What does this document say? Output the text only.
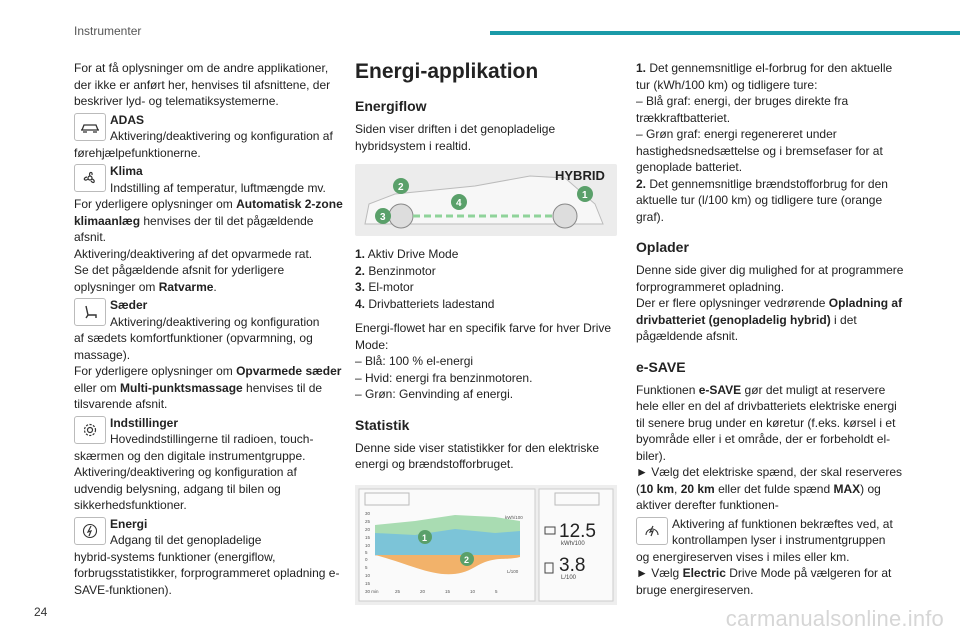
Instrumenter

For at få oplysninger om de andre applikationer, der ikke er anført her, henvises til afsnittene, der beskriver lyd- og telematiksystemerne.

ADAS
Aktivering/deaktivering og konfiguration af

førehjælpefunktionerne.

Klima
Indstilling af temperatur, luftmængde mv.

For yderligere oplysninger om Automatisk 2-zone klimaanlæg henvises der til det pågældende afsnit.

Aktivering/deaktivering af det opvarmede rat.

Se det pågældende afsnit for yderligere oplysninger om Ratvarme.

Sæder
Aktivering/deaktivering og konfiguration

af sædets komfortfunktioner (opvarmning, og massage).

For yderligere oplysninger om Opvarmede sæder eller om Multi-punktsmassage henvises til de tilsvarende afsnit.

Indstillinger
Hovedindstillingerne til radioen, touch-

skærmen og den digitale instrumentgruppe.

Aktivering/deaktivering og konfiguration af udvendig belysning, adgang til bilen og sikkerhedsfunktioner.

Energi
Adgang til det genopladelige

hybrid-systems funktioner (energiflow, forbrugsstatistikker, forprogrammeret opladning e-SAVE-funktionen).

Energi-applikation
Energiflow

Siden viser driften i det genopladelige hybridsystem i realtid.

HYBRID
1
2
3
4

1. Aktiv Drive Mode

2. Benzinmotor

3. El-motor

4. Drivbatteriets ladestand

Energi-flowet har en specifik farve for hver Drive Mode:

– Blå: 100 % el-energi

– Hvid: energi fra benzinmotoren.

– Grøn: Genvinding af energi.

Statistik

Denne side viser statistikker for den elektriske energi og brændstofforbruget.

30
25
20
15
10
5
0
5
10
15
30 min	25	20	15	10	5
kWh/100
L/100
1
2
12.5
kWh/100
3.8
L/100

1. Det gennemsnitlige el-forbrug for den aktuelle tur (kWh/100 km) og tidligere ture:

– Blå graf: energi, der bruges direkte fra trækkraftbatteriet.

– Grøn graf: energi regenereret under hastighedsnedsættelse og i bremsefaser for at genoplade batteriet.

2. Det gennemsnitlige brændstofforbrug for den aktuelle tur (l/100 km) og tidligere ture (orange graf).

Oplader

Denne side giver dig mulighed for at programmere forprogrammeret opladning.

Der er flere oplysninger vedrørende Opladning af drivbatteriet (genopladelig hybrid) i det pågældende afsnit.

e-SAVE

Funktionen e-SAVE gør det muligt at reservere hele eller en del af drivbatteriets elektriske energi til senere brug under en køretur (f.eks. kørsel i et byområde eller i et område, der er forbeholdt el-biler).

► Vælg det elektriske spænd, der skal reserveres (10 km, 20 km eller det fulde spænd MAX) og aktiver derefter funktionen-

Aktivering af funktionen bekræftes ved, at
kontrollampen lyser i instrumentgruppen

og energireserven vises i miles eller km.

► Vælg Electric Drive Mode på vælgeren for at bruge energireserven.

24	carmanualsonline.info
